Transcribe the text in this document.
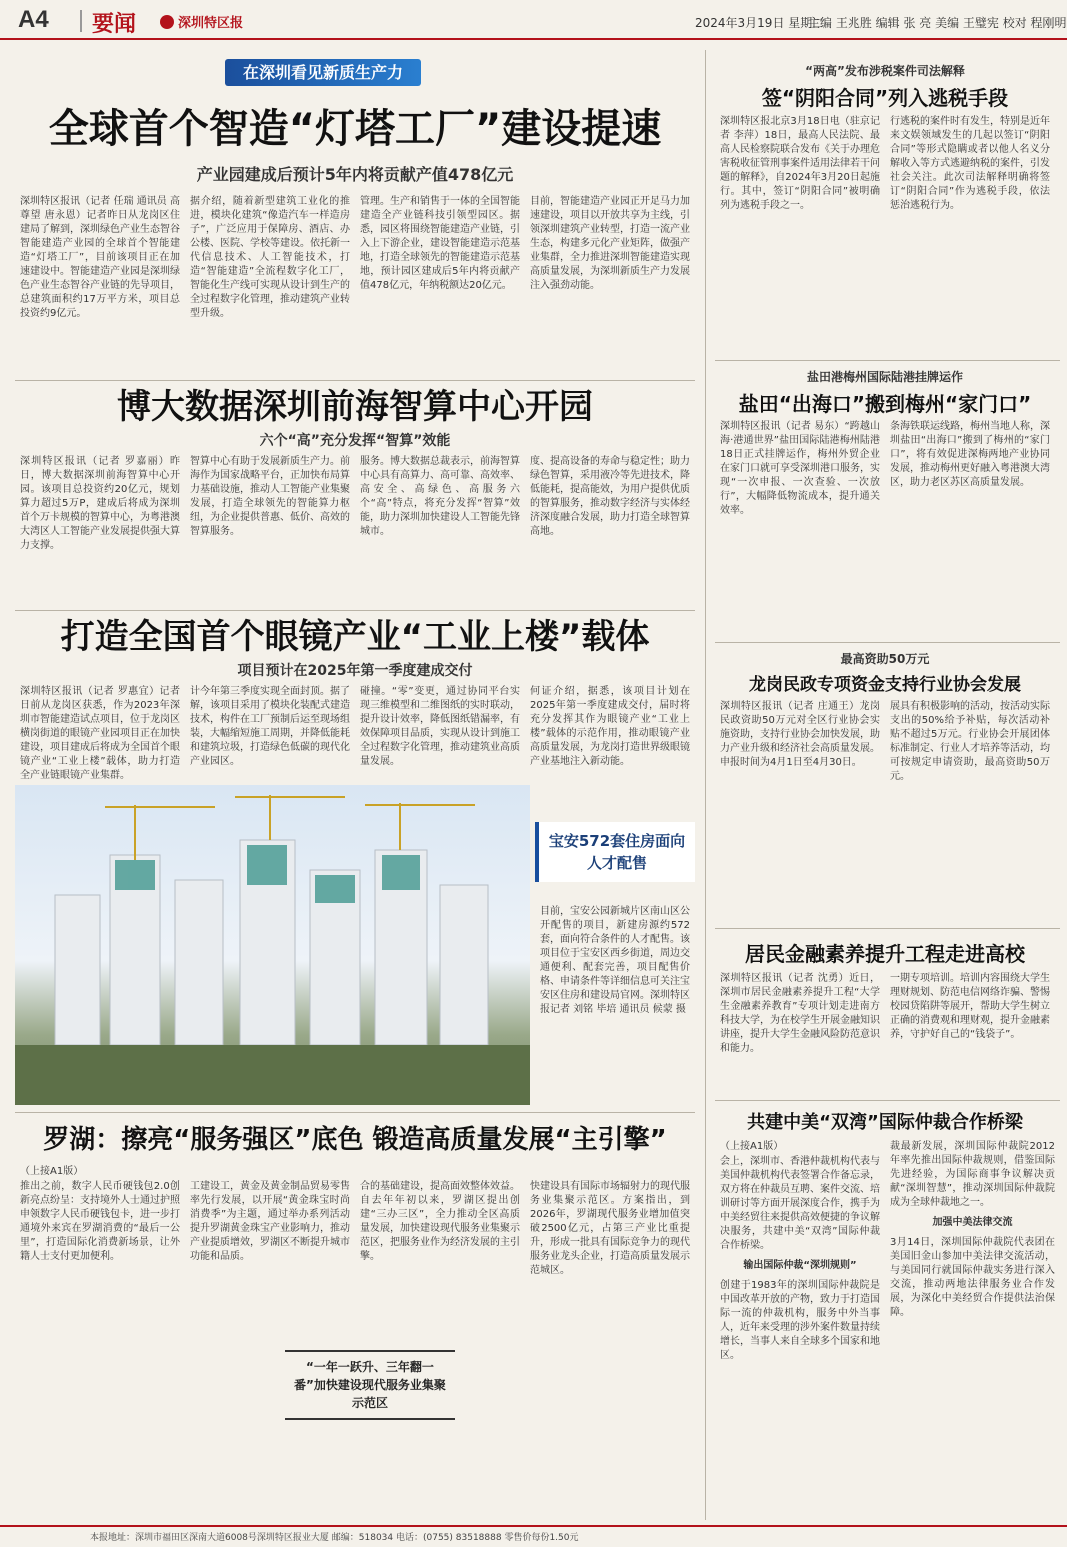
A4 要闻	深圳特区报	2024年3月19日 星期二
主编 王兆胜 编辑 张 亮 美编 王璧宪 校对 程刚明
在深圳看见新质生产力
全球首个智造“灯塔工厂”建设提速
产业园建成后预计5年内将贡献产值478亿元

深圳特区报讯（记者 任瑞 通讯员 高尊望 唐永恩）记者昨日从龙岗区住建局了解到，深圳绿色产业生态智谷智能建造产业园的全球首个智能建造“灯塔工厂”，目前该项目正在加速建设中。智能建造产业园是深圳绿色产业生态智谷产业链的先导项目，总建筑面积约17万平方米，项目总投资约9亿元。

据介绍，随着新型建筑工业化的推进，模块化建筑“像造汽车一样造房子”，广泛应用于保障房、酒店、办公楼、医院、学校等建设。依托新一代信息技术、人工智能技术，打造“智能建造”全流程数字化工厂，智能化生产线可实现从设计到生产的全过程数字化管理，推动建筑产业转型升级。

管理。生产和销售于一体的全国智能建造全产业链科技引领型园区。据悉，园区将围绕智能建造产业链，引入上下游企业，建设智能建造示范基地，打造全球领先的智能建造示范基地，预计园区建成后5年内将贡献产值478亿元，年纳税额达20亿元。

目前，智能建造产业园正开足马力加速建设，项目以开放共享为主线，引领深圳建筑产业转型，打造一流产业生态，构建多元化产业矩阵，做强产业集群，全力推进深圳智能建造实现高质量发展，为深圳新质生产力发展注入强劲动能。

博大数据深圳前海智算中心开园
六个“高”充分发挥“智算”效能

深圳特区报讯（记者 罗嘉丽）昨日，博大数据深圳前海智算中心开园。该项目总投资约20亿元，规划算力超过5万P，建成后将成为深圳首个万卡规模的智算中心，为粤港澳大湾区人工智能产业发展提供强大算力支撑。

智算中心有助于发展新质生产力。前海作为国家战略平台，正加快布局算力基础设施，推动人工智能产业集聚发展，打造全球领先的智能算力枢纽，为企业提供普惠、低价、高效的智算服务。

服务。博大数据总裁表示，前海智算中心具有高算力、高可靠、高效率、高安全、高绿色、高服务六个“高”特点，将充分发挥“智算”效能，助力深圳加快建设人工智能先锋城市。

度、提高设备的寿命与稳定性；助力绿色智算，采用液冷等先进技术，降低能耗，提高能效，为用户提供优质的智算服务，推动数字经济与实体经济深度融合发展，助力打造全球智算高地。

打造全国首个眼镜产业“工业上楼”载体
项目预计在2025年第一季度建成交付

深圳特区报讯（记者 罗惠宜）记者日前从龙岗区获悉，作为2023年深圳市智能建造试点项目，位于龙岗区横岗街道的眼镜产业园项目正在加快建设，项目建成后将成为全国首个眼镜产业“工业上楼”载体，助力打造全产业链眼镜产业集群。

计今年第三季度实现全面封顶。据了解，该项目采用了模块化装配式建造技术，构件在工厂预制后运至现场组装，大幅缩短施工周期，并降低能耗和建筑垃圾，打造绿色低碳的现代化产业园区。

碰撞。“零”变更，通过协同平台实现三维模型和二维图纸的实时联动，提升设计效率，降低图纸错漏率，有效保障项目品质，实现从设计到施工全过程数字化管理，推动建筑业高质量发展。

何证介绍，据悉，该项目计划在2025年第一季度建成交付，届时将充分发挥其作为眼镜产业“工业上楼”载体的示范作用，推动眼镜产业高质量发展，为龙岗打造世界级眼镜产业基地注入新动能。

宝安572套住房面向人才配售
目前，宝安公园新城片区南山区公开配售的项目，新建房源约572套，面向符合条件的人才配售。该项目位于宝安区西乡街道，周边交通便利、配套完善，项目配售价格、申请条件等详细信息可关注宝安区住房和建设局官网。深圳特区报记者 刘铭 毕培 通讯员 候蒙 摄
罗湖：擦亮“服务强区”底色 锻造高质量发展“主引擎”
（上接A1版）

推出之前，数字人民币硬钱包2.0创新亮点纷呈：支持境外人士通过护照申领数字人民币硬钱包卡，进一步打通境外来宾在罗湖消费的“最后一公里”，打造国际化消费新场景，让外籍人士支付更加便利。

工建设工，黄金及黄金制品贸易零售率先行发展，以开展“黄金珠宝时尚消费季”为主题，通过举办系列活动提升罗湖黄金珠宝产业影响力，推动产业提质增效，罗湖区不断提升城市功能和品质。

合的基础建设，提高面效整体效益。自去年年初以来，罗湖区提出创建“三办三区”，全力推动全区高质量发展，加快建设现代服务业集聚示范区，把服务业作为经济发展的主引擎。

快建设具有国际市场辐射力的现代服务业集聚示范区。方案指出，到2026年，罗湖现代服务业增加值突破2500亿元，占第三产业比重提升，形成一批具有国际竞争力的现代服务业龙头企业，打造高质量发展示范城区。

“一年一跃升、三年翻一番”加快建设现代服务业集聚示范区
“两高”发布涉税案件司法解释
签“阴阳合同”列入逃税手段

深圳特区报北京3月18日电（驻京记者 李萍）18日，最高人民法院、最高人民检察院联合发布《关于办理危害税收征管刑事案件适用法律若干问题的解释》，自2024年3月20日起施行。其中，签订“阴阳合同”被明确列为逃税手段之一。

行逃税的案件时有发生，特别是近年来文娱领域发生的几起以签订“阴阳合同”等形式隐瞒或者以他人名义分解收入等方式逃避纳税的案件，引发社会关注。此次司法解释明确将签订“阴阳合同”作为逃税手段，依法惩治逃税行为。

盐田港梅州国际陆港挂牌运作
盐田“出海口”搬到梅州“家门口”

深圳特区报讯（记者 易东）“跨越山海·港通世界”盐田国际陆港梅州陆港18日正式挂牌运作，梅州外贸企业在家门口就可享受深圳港口服务，实现“一次申报、一次查验、一次放行”，大幅降低物流成本，提升通关效率。

条海铁联运线路，梅州当地人称，深圳盐田“出海口”搬到了梅州的“家门口”，将有效促进深梅两地产业协同发展，推动梅州更好融入粤港澳大湾区，助力老区苏区高质量发展。

最高资助50万元
龙岗民政专项资金支持行业协会发展

深圳特区报讯（记者 庄通王）龙岗民政资助50万元对全区行业协会实施资助，支持行业协会加快发展，助力产业升级和经济社会高质量发展。申报时间为4月1日至4月30日。

展具有积极影响的活动，按活动实际支出的50%给予补贴，每次活动补贴不超过5万元。行业协会开展团体标准制定、行业人才培养等活动，均可按规定申请资助，最高资助50万元。

居民金融素养提升工程走进高校

深圳特区报讯（记者 沈勇）近日，深圳市居民金融素养提升工程“大学生金融素养教育”专项计划走进南方科技大学，为在校学生开展金融知识讲座，提升大学生金融风险防范意识和能力。

一期专项培训。培训内容围绕大学生理财规划、防范电信网络诈骗、警惕校园贷陷阱等展开，帮助大学生树立正确的消费观和理财观，提升金融素养，守护好自己的“钱袋子”。

共建中美“双湾”国际仲裁合作桥梁
（上接A1版）

会上，深圳市、香港仲裁机构代表与美国仲裁机构代表签署合作备忘录，双方将在仲裁员互聘、案件交流、培训研讨等方面开展深度合作，携手为中美经贸往来提供高效便捷的争议解决服务，共建中美“双湾”国际仲裁合作桥梁。

输出国际仲裁“深圳规则”

创建于1983年的深圳国际仲裁院是中国改革开放的产物，致力于打造国际一流的仲裁机构，服务中外当事人，近年来受理的涉外案件数量持续增长，当事人来自全球多个国家和地区。

裁最新发展，深圳国际仲裁院2012年率先推出国际仲裁规则，借鉴国际先进经验，为国际商事争议解决贡献“深圳智慧”，推动深圳国际仲裁院成为全球仲裁地之一。

加强中美法律交流

3月14日，深圳国际仲裁院代表团在美国旧金山参加中美法律交流活动，与美国同行就国际仲裁实务进行深入交流，推动两地法律服务业合作发展，为深化中美经贸合作提供法治保障。

本报地址：深圳市福田区深南大道6008号深圳特区报业大厦 邮编：518034 电话：(0755) 83518888 零售价每份1.50元
